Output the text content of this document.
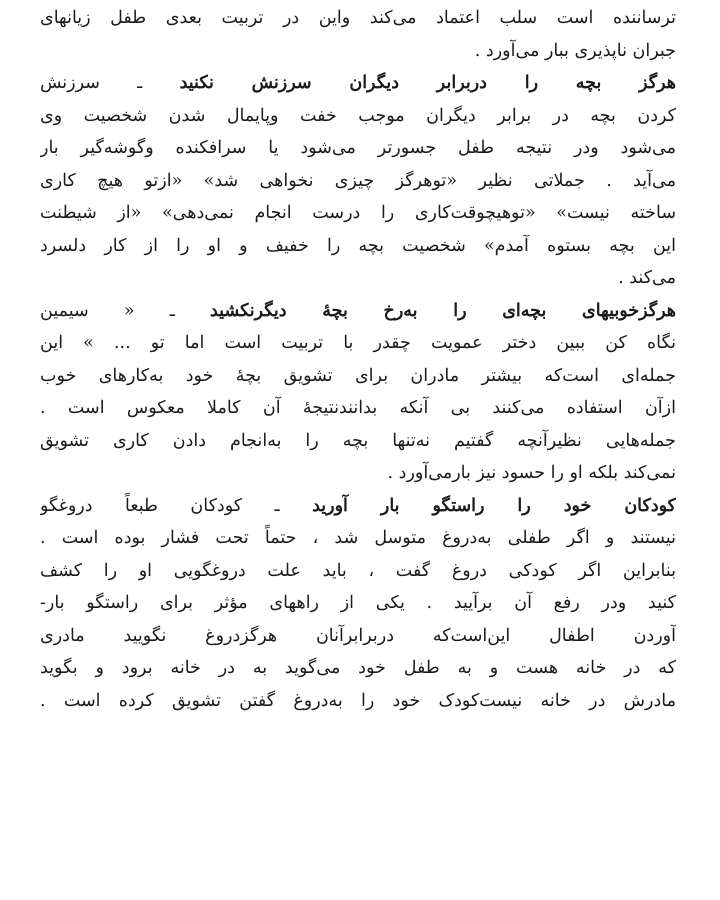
ترساننده است سلب اعتماد می‌کند واین در تربیت بعدی طفل زیانهای
جبران ناپذیری ببار می‌آورد .
هرگز بچه را دربرابر دیگران سرزنش نکنید ـ سرزنش
کردن بچه در برابر دیگران موجب خفت وپایمال شدن شخصیت وی
می‌شود ودر نتیجه طفل جسورتر می‌شود یا سرافکنده وگوشه‌گیر بار
می‌آید . جملاتی نظیر «توهرگز چیزی نخواهی شد» «ازتو هیچ کاری
ساخته نیست» «توهیچوقت‌کاری را درست انجام نمی‌دهی» «از شیطنت
این بچه بستوه آمدم» شخصیت بچه را خفیف و او را از کار دلسرد
می‌کند .
هرگزخوبیهای بچه‌ای را به‌رخ بچهٔ دیگرنکشید ـ « سیمین
نگاه کن ببین دختر عمویت چقدر با تربیت است اما تو ... » این
جمله‌ای است‌که بیشتر مادران برای تشویق بچهٔ خود به‌کارهای خوب
ازآن استفاده می‌کنند بی آنکه بدانندنتیجهٔ آن کاملا معکوس است .
جمله‌هایی نظیرآنچه گفتیم نه‌تنها بچه را به‌انجام دادن کاری تشویق
نمی‌کند بلکه او را حسود نیز بارمی‌آورد .
کودکان خود را راستگو بار آورید ـ کودکان طبعاً دروغگو
نیستند و اگر طفلی به‌دروغ متوسل شد ، حتماً تحت فشار بوده است .
بنابراین اگر کودکی دروغ گفت ، باید علت دروغگویی او را کشف
کنید ودر رفع آن برآیید . یکی از راههای مؤثر برای راستگو بار-
آوردن اطفال این‌است‌که دربرابرآنان هرگزدروغ نگویید مادری
که در خانه هست و به طفل خود می‌گوید به در خانه برود و بگوید
مادرش در خانه نیست‌کودک خود را به‌دروغ گفتن تشویق کرده است .
